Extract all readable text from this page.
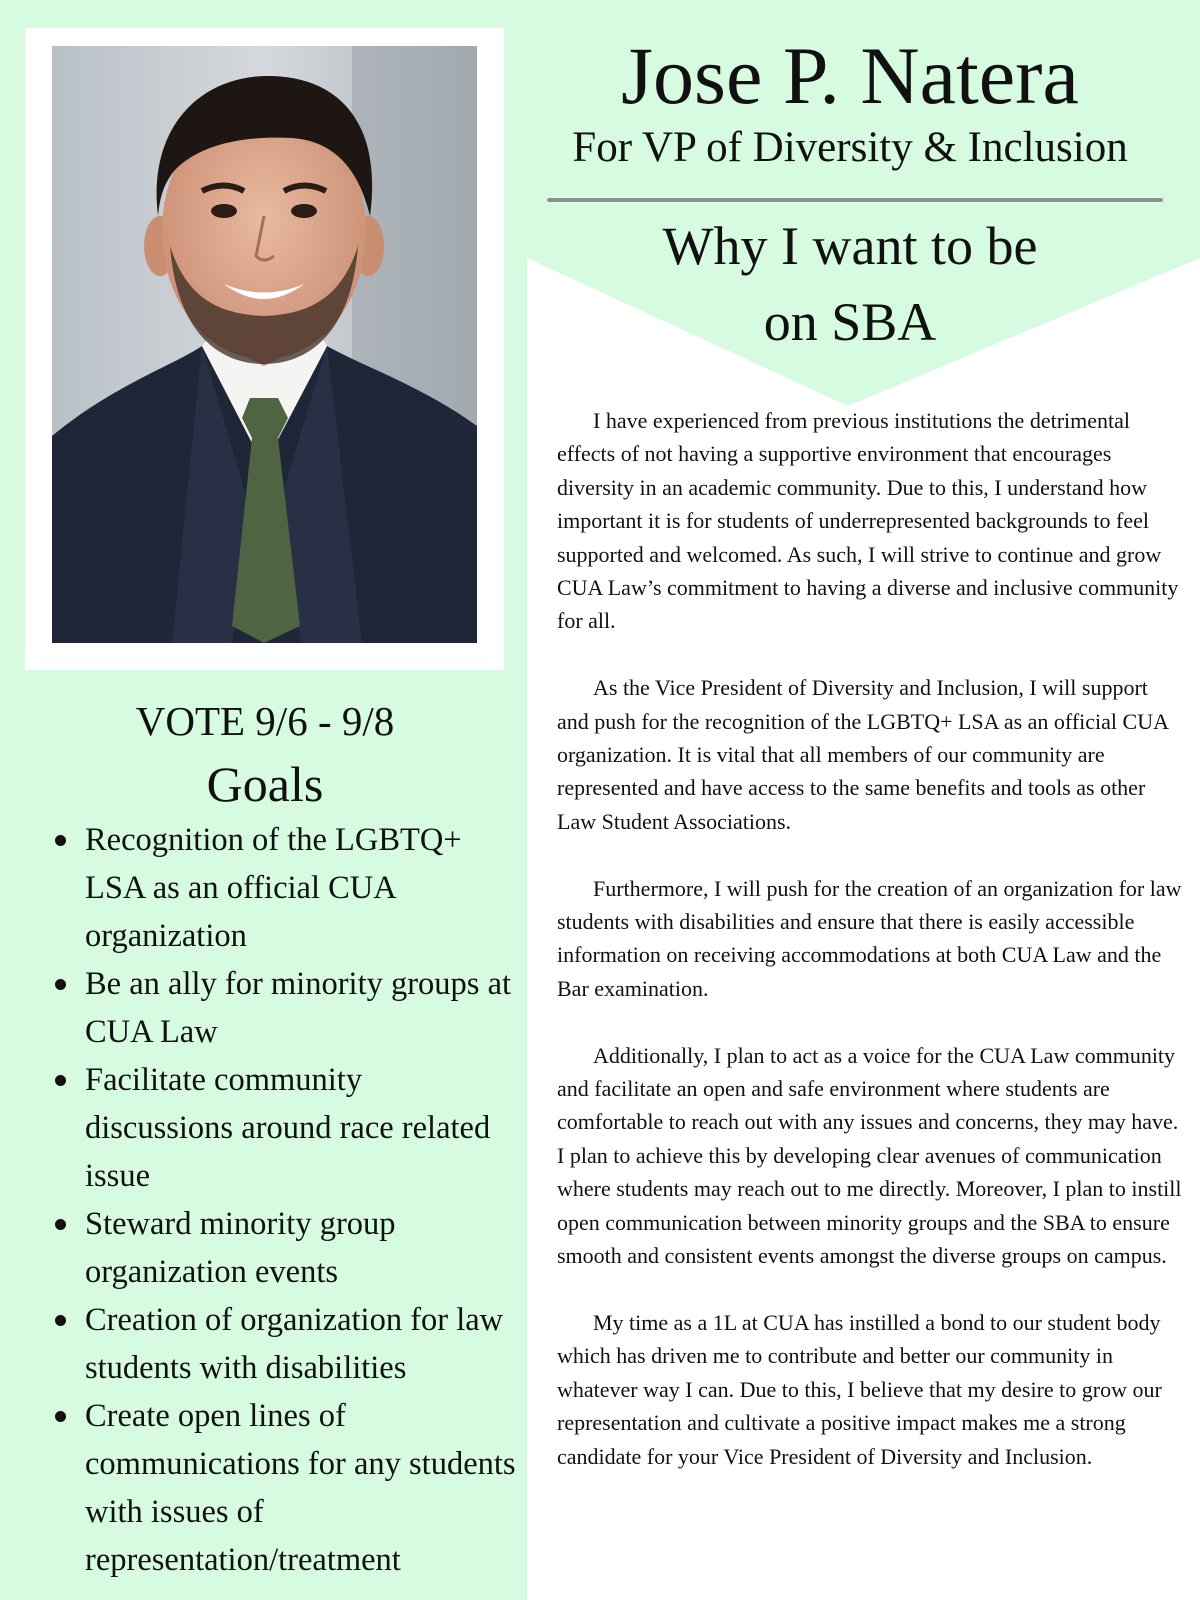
Jose P. Natera
For VP of Diversity & Inclusion
Why I want to be
on SBA

I have experienced from previous institutions the detrimental effects of not having a supportive environment that encourages diversity in an academic community. Due to this, I understand how important it is for students of underrepresented backgrounds to feel supported and welcomed. As such, I will strive to continue and grow CUA Law’s commitment to having a diverse and inclusive community for all.

As the Vice President of Diversity and Inclusion, I will support and push for the recognition of the LGBTQ+ LSA as an official CUA organization. It is vital that all members of our community are represented and have access to the same benefits and tools as other Law Student Associations.

Furthermore, I will push for the creation of an organization for law students with disabilities and ensure that there is easily accessible information on receiving accommodations at both CUA Law and the Bar examination.

Additionally, I plan to act as a voice for the CUA Law community and facilitate an open and safe environment where students are comfortable to reach out with any issues and concerns, they may have. I plan to achieve this by developing clear avenues of communication where students may reach out to me directly. Moreover, I plan to instill open communication between minority groups and the SBA to ensure smooth and consistent events amongst the diverse groups on campus.

My time as a 1L at CUA has instilled a bond to our student body which has driven me to contribute and better our community in whatever way I can. Due to this, I believe that my desire to grow our representation and cultivate a positive impact makes me a strong candidate for your Vice President of Diversity and Inclusion.

VOTE 9/6 - 9/8
Goals
Recognition of the LGBTQ+ LSA as an official CUA organization
Be an ally for minority groups at CUA Law
Facilitate community discussions around race related issue
Steward minority group organization events
Creation of organization for law students with disabilities
Create open lines of communications for any students with issues of representation/treatment
